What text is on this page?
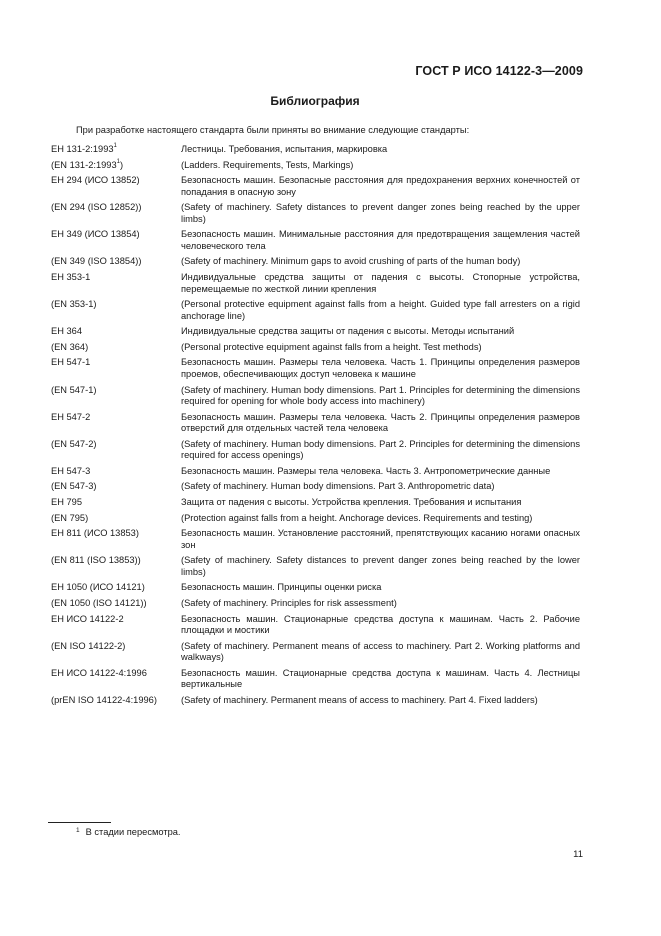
ГОСТ Р ИСО 14122-3—2009
Библиография
При разработке настоящего стандарта были приняты во внимание следующие стандарты:
ЕН 131-2:1993$^1$	Лестницы. Требования, испытания, маркировка
(EN 131-2:1993$^1$)	(Ladders. Requirements, Tests, Markings)
ЕН 294 (ИСО 13852)	Безопасность машин. Безопасные расстояния для предохранения верхних конечностей от попадания в опасную зону
(EN 294 (ISO 12852))	(Safety of machinery. Safety distances to prevent danger zones being reached by the upper limbs)
ЕН 349 (ИСО 13854)	Безопасность машин. Минимальные расстояния для предотвращения защемления частей человеческого тела
(EN 349 (ISO 13854))	(Safety of machinery. Minimum gaps to avoid crushing of parts of the human body)
ЕН 353-1	Индивидуальные средства защиты от падения с высоты. Стопорные устройства, перемещаемые по жесткой линии крепления
(EN 353-1)	(Personal protective equipment against falls from a height. Guided type fall arresters on a rigid anchorage line)
ЕН 364	Индивидуальные средства защиты от падения с высоты. Методы испытаний
(EN 364)	(Personal protective equipment against falls from a height. Test methods)
ЕН 547-1	Безопасность машин. Размеры тела человека. Часть 1. Принципы определения размеров проемов, обеспечивающих доступ человека к машине
(EN 547-1)	(Safety of machinery. Human body dimensions. Part 1. Principles for determining the dimensions required for opening for whole body access into machinery)
ЕН 547-2	Безопасность машин. Размеры тела человека. Часть 2. Принципы определения размеров отверстий для отдельных частей тела человека
(EN 547-2)	(Safety of machinery. Human body dimensions. Part 2. Principles for determining the dimensions required for access openings)
ЕН 547-3	Безопасность машин. Размеры тела человека. Часть 3. Антропометрические данные
(EN 547-3)	(Safety of machinery. Human body dimensions. Part 3. Anthropometric data)
ЕН 795	Защита от падения с высоты. Устройства крепления. Требования и испытания
(EN 795)	(Protection against falls from a height. Anchorage devices. Requirements and testing)
ЕН 811 (ИСО 13853)	Безопасность машин. Установление расстояний, препятствующих касанию ногами опасных зон
(EN 811 (ISO 13853))	(Safety of machinery. Safety distances to prevent danger zones being reached by the lower limbs)
ЕН 1050 (ИСО 14121)	Безопасность машин. Принципы оценки риска
(EN 1050 (ISO 14121))	(Safety of machinery. Principles for risk assessment)
ЕН ИСО 14122-2	Безопасность машин. Стационарные средства доступа к машинам. Часть 2. Рабочие площадки и мостики
(EN ISO 14122-2)	(Safety of machinery. Permanent means of access to machinery. Part 2. Working platforms and walkways)
ЕН ИСО 14122-4:1996	Безопасность машин. Стационарные средства доступа к машинам. Часть 4. Лестницы вертикальные
(prEN ISO 14122-4:1996)	(Safety of machinery. Permanent means of access to machinery. Part 4. Fixed ladders)
$^1$ В стадии пересмотра.
11
